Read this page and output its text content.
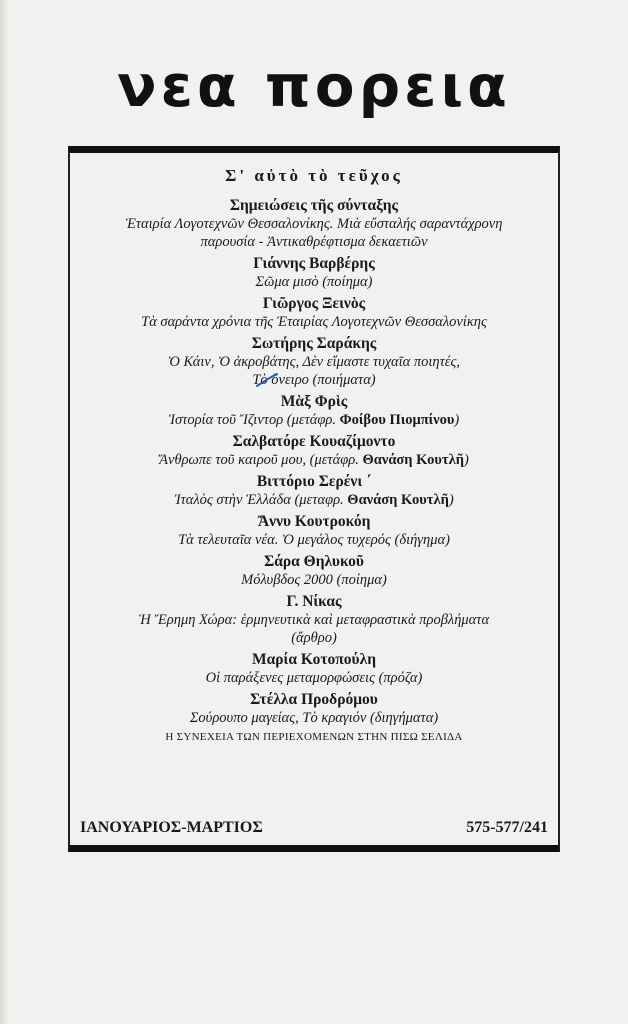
νεα πορεια
Σ' αὐτὸ τὸ τεῦχος
Σημειώσεις τῆς σύνταξης
Ἑταιρία Λογοτεχνῶν Θεσσαλονίκης. Μιὰ εὔσταλής σαραντάχρονη
παρουσία - Ἀντικαθρέφτισμα δεκαετιῶν
Γιάννης Βαρβέρης
Σῶμα μισὸ (ποίημα)
Γιῶργος Ξεινὸς
Τὰ σαράντα χρόνια τῆς Ἑταιρίας Λογοτεχνῶν Θεσσαλονίκης
Σωτήρης Σαράκης
Ὁ Κάιν, Ὁ ἀκροβάτης, Δὲν εἴμαστε τυχαῖα ποιητές,
Τὸ ὄνειρο (ποιήματα)
Μὰξ Φρὶς
Ἱστορία τοῦ Ἴζιντορ (μετάφρ. Φοίβου Πιομπίνου)
Σαλβατόρε Κουαζίμοντο
Ἄνθρωπε τοῦ καιροῦ μου, (μετάφρ. Θανάση Κουτλῆ)
Βιττόριο Σερένι ΄
Ἰταλὸς στὴν Ἑλλάδα (μεταφρ. Θανάση Κουτλῆ)
Ἄννυ Κουτροκόη
Τὰ τελευταῖα νέα. Ὁ μεγάλος τυχερός (διήγημα)
Σάρα Θηλυκοῦ
Μόλυβδος 2000 (ποίημα)
Γ. Νίκας
Ἡ Ἔρημη Χώρα: ἑρμηνευτικὰ καὶ μεταφραστικὰ προβλήματα
(ἄρθρο)
Μαρία Κοτοπούλη
Οἱ παράξενες μεταμορφώσεις (πρόζα)
Στέλλα Προδρόμου
Σούρουπο μαγείας, Τὸ κραγιόν (διηγήματα)
Η ΣΥΝΕΧΕΙΑ ΤΩΝ ΠΕΡΙΕΧΟΜΕΝΩΝ ΣΤΗΝ ΠΙΣΩ ΣΕΛΙΔΑ
ΙΑΝΟΥΑΡΙΟΣ-ΜΑΡΤΙΟΣ	575-577/241
